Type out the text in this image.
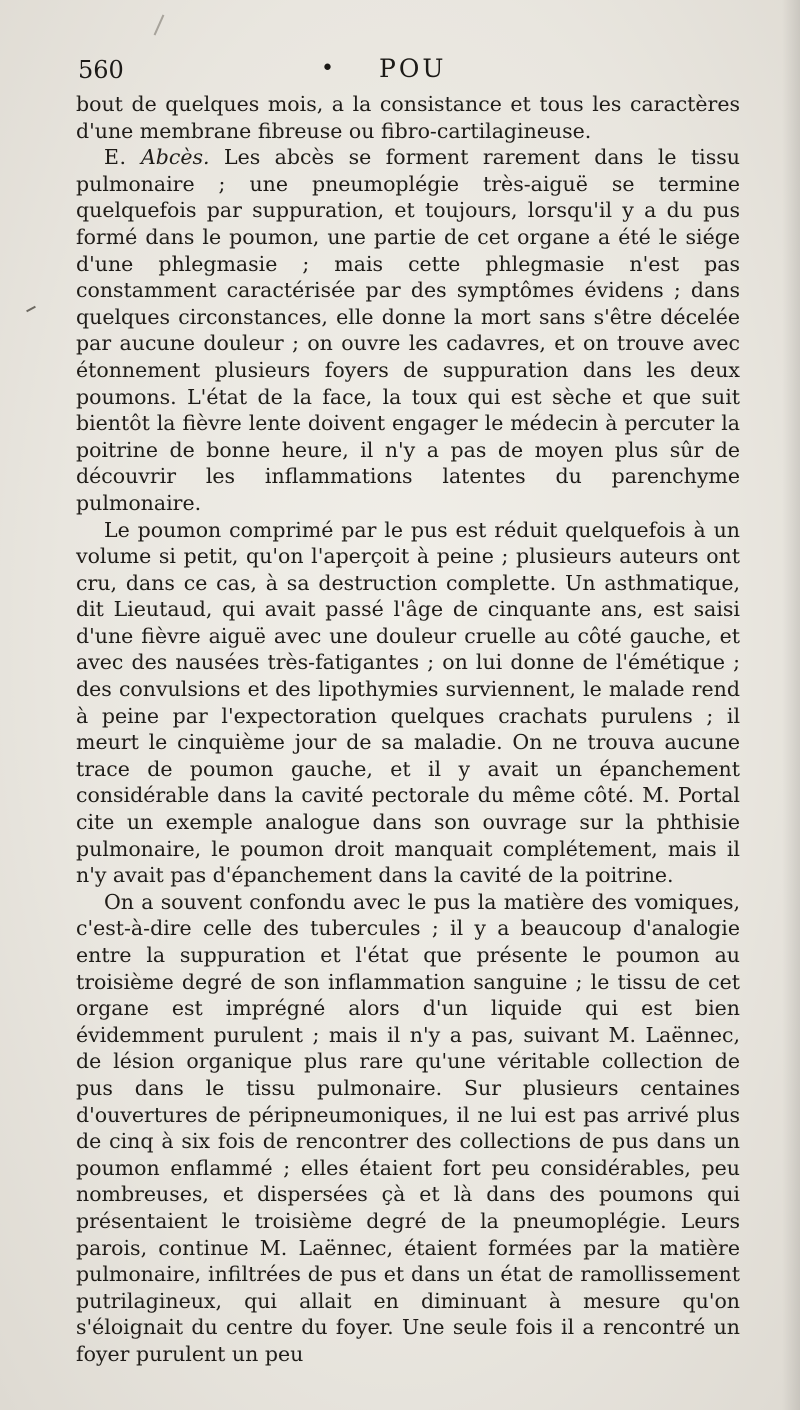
560	• POU

bout de quelques mois, a la consistance et tous les caractères d'une membrane fibreuse ou fibro-cartilagineuse.

E. Abcès. Les abcès se forment rarement dans le tissu pulmonaire ; une pneumoplégie très-aiguë se termine quelquefois par suppuration, et toujours, lorsqu'il y a du pus formé dans le poumon, une partie de cet organe a été le siége d'une phlegmasie ; mais cette phlegmasie n'est pas constamment caractérisée par des symptômes évidens ; dans quelques circonstances, elle donne la mort sans s'être décelée par aucune douleur ; on ouvre les cadavres, et on trouve avec étonnement plusieurs foyers de suppuration dans les deux poumons. L'état de la face, la toux qui est sèche et que suit bientôt la fièvre lente doivent engager le médecin à percuter la poitrine de bonne heure, il n'y a pas de moyen plus sûr de découvrir les inflammations latentes du parenchyme pulmonaire.

Le poumon comprimé par le pus est réduit quelquefois à un volume si petit, qu'on l'aperçoit à peine ; plusieurs auteurs ont cru, dans ce cas, à sa destruction complette. Un asthmatique, dit Lieutaud, qui avait passé l'âge de cinquante ans, est saisi d'une fièvre aiguë avec une douleur cruelle au côté gauche, et avec des nausées très-fatigantes ; on lui donne de l'émétique ; des convulsions et des lipothymies surviennent, le malade rend à peine par l'expectoration quelques crachats purulens ; il meurt le cinquième jour de sa maladie. On ne trouva aucune trace de poumon gauche, et il y avait un épanchement considérable dans la cavité pectorale du même côté. M. Portal cite un exemple analogue dans son ouvrage sur la phthisie pulmonaire, le poumon droit manquait complétement, mais il n'y avait pas d'épanchement dans la cavité de la poitrine.

On a souvent confondu avec le pus la matière des vomiques, c'est-à-dire celle des tubercules ; il y a beaucoup d'analogie entre la suppuration et l'état que présente le poumon au troisième degré de son inflammation sanguine ; le tissu de cet organe est imprégné alors d'un liquide qui est bien évidemment purulent ; mais il n'y a pas, suivant M. Laënnec, de lésion organique plus rare qu'une véritable collection de pus dans le tissu pulmonaire. Sur plusieurs centaines d'ouvertures de péripneumoniques, il ne lui est pas arrivé plus de cinq à six fois de rencontrer des collections de pus dans un poumon enflammé ; elles étaient fort peu considérables, peu nombreuses, et dispersées çà et là dans des poumons qui présentaient le troisième degré de la pneumoplégie. Leurs parois, continue M. Laënnec, étaient formées par la matière pulmonaire, infiltrées de pus et dans un état de ramollissement putrilagineux, qui allait en diminuant à mesure qu'on s'éloignait du centre du foyer. Une seule fois il a rencontré un foyer purulent un peu
